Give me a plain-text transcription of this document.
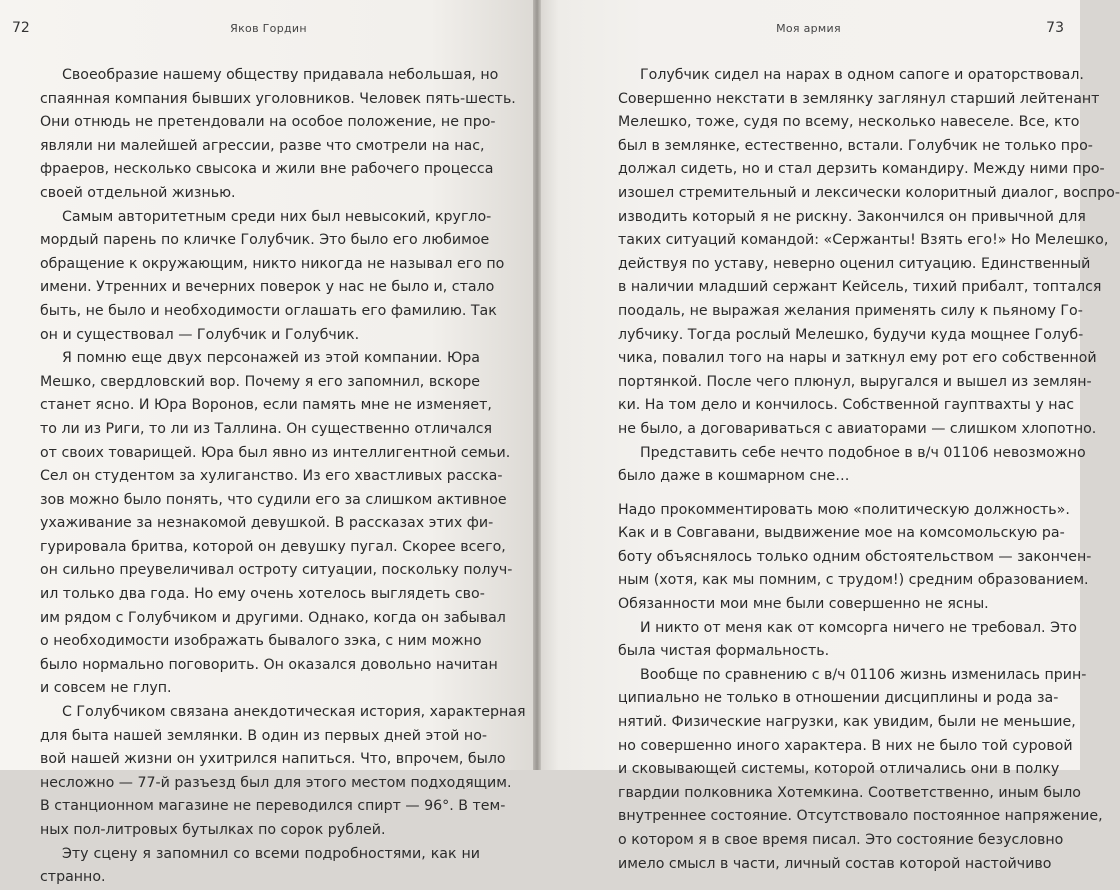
72	Яков Гордин
Своеобразие нашему обществу придавала небольшая, но
спаянная компания бывших уголовников. Человек пять-шесть.
Они отнюдь не претендовали на особое положение, не про-
являли ни малейшей агрессии, разве что смотрели на нас,
фраеров, несколько свысока и жили вне рабочего процесса
своей отдельной жизнью.
Самым авторитетным среди них был невысокий, кругло-
мордый парень по кличке Голубчик. Это было его любимое
обращение к окружающим, никто никогда не называл его по
имени. Утренних и вечерних поверок у нас не было и, стало
быть, не было и необходимости оглашать его фамилию. Так
он и существовал — Голубчик и Голубчик.
Я помню еще двух персонажей из этой компании. Юра
Мешко, свердловский вор. Почему я его запомнил, вскоре
станет ясно. И Юра Воронов, если память мне не изменяет,
то ли из Риги, то ли из Таллина. Он существенно отличался
от своих товарищей. Юра был явно из интеллигентной семьи.
Сел он студентом за хулиганство. Из его хвастливых расска-
зов можно было понять, что судили его за слишком активное
ухаживание за незнакомой девушкой. В рассказах этих фи-
гурировала бритва, которой он девушку пугал. Скорее всего,
он сильно преувеличивал остроту ситуации, поскольку получ-
ил только два года. Но ему очень хотелось выглядеть сво-
им рядом с Голубчиком и другими. Однако, когда он забывал
о необходимости изображать бывалого зэка, с ним можно
было нормально поговорить. Он оказался довольно начитан
и совсем не глуп.
С Голубчиком связана анекдотическая история, характерная
для быта нашей землянки. В один из первых дней этой но-
вой нашей жизни он ухитрился напиться. Что, впрочем, было
несложно — 77-й разъезд был для этого местом подходящим.
В станционном магазине не переводился спирт — 96°. В тем-
ных пол-литровых бутылках по сорок рублей.
Эту сцену я запомнил со всеми подробностями, как ни
странно.
73
Моя армия
Голубчик сидел на нарах в одном сапоге и ораторствовал.
Совершенно некстати в землянку заглянул старший лейтенант
Мелешко, тоже, судя по всему, несколько навеселе. Все, кто
был в землянке, естественно, встали. Голубчик не только про-
должал сидеть, но и стал дерзить командиру. Между ними про-
изошел стремительный и лексически колоритный диалог, воспро-
изводить который я не рискну. Закончился он привычной для
таких ситуаций командой: «Сержанты! Взять его!» Но Мелешко,
действуя по уставу, неверно оценил ситуацию. Единственный
в наличии младший сержант Кейсель, тихий прибалт, топтался
поодаль, не выражая желания применять силу к пьяному Го-
лубчику. Тогда рослый Мелешко, будучи куда мощнее Голуб-
чика, повалил того на нары и заткнул ему рот его собственной
портянкой. После чего плюнул, выругался и вышел из землян-
ки. На том дело и кончилось. Собственной гауптвахты у нас
не было, а договариваться с авиаторами — слишком хлопотно.
Представить себе нечто подобное в в/ч 01106 невозможно
было даже в кошмарном сне…
Надо прокомментировать мою «политическую должность».
Как и в Совгавани, выдвижение мое на комсомольскую ра-
боту объяснялось только одним обстоятельством — закончен-
ным (хотя, как мы помним, с трудом!) средним образованием.
Обязанности мои мне были совершенно не ясны.
И никто от меня как от комсорга ничего не требовал. Это
была чистая формальность.
Вообще по сравнению с в/ч 01106 жизнь изменилась прин-
ципиально не только в отношении дисциплины и рода за-
нятий. Физические нагрузки, как увидим, были не меньшие,
но совершенно иного характера. В них не было той суровой
и сковывающей системы, которой отличались они в полку
гвардии полковника Хотемкина. Соответственно, иным было
внутреннее состояние. Отсутствовало постоянное напряжение,
о котором я в свое время писал. Это состояние безусловно
имело смысл в части, личный состав которой настойчиво
